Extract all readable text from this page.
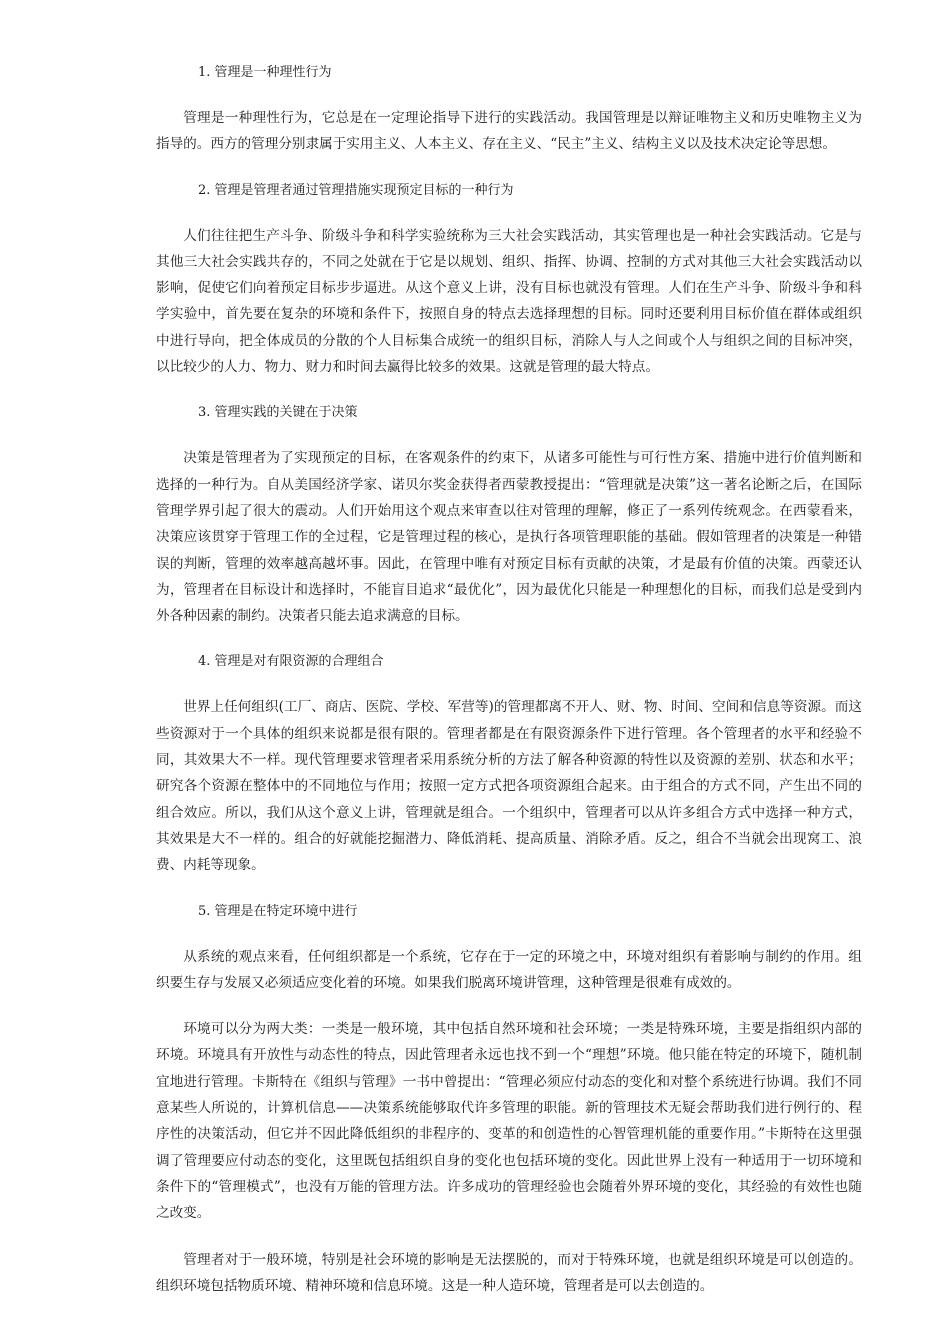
1. 管理是一种理性行为

管理是一种理性行为，它总是在一定理论指导下进行的实践活动。我国管理是以辩证唯物主义和历史唯物主义为指导的。西方的管理分别隶属于实用主义、人本主义、存在主义、“民主”主义、结构主义以及技术决定论等思想。

2. 管理是管理者通过管理措施实现预定目标的一种行为

人们往往把生产斗争、阶级斗争和科学实验统称为三大社会实践活动，其实管理也是一种社会实践活动。它是与其他三大社会实践共存的，不同之处就在于它是以规划、组织、指挥、协调、控制的方式对其他三大社会实践活动以影响，促使它们向着预定目标步步逼进。从这个意义上讲，没有目标也就没有管理。人们在生产斗争、阶级斗争和科学实验中，首先要在复杂的环境和条件下，按照自身的特点去选择理想的目标。同时还要利用目标价值在群体或组织中进行导向，把全体成员的分散的个人目标集合成统一的组织目标，消除人与人之间或个人与组织之间的目标冲突，以比较少的人力、物力、财力和时间去赢得比较多的效果。这就是管理的最大特点。

3. 管理实践的关键在于决策

决策是管理者为了实现预定的目标，在客观条件的约束下，从诸多可能性与可行性方案、措施中进行价值判断和选择的一种行为。自从美国经济学家、诺贝尔奖金获得者西蒙教授提出：“管理就是决策”这一著名论断之后，在国际管理学界引起了很大的震动。人们开始用这个观点来审查以往对管理的理解，修正了一系列传统观念。在西蒙看来，决策应该贯穿于管理工作的全过程，它是管理过程的核心，是执行各项管理职能的基础。假如管理者的决策是一种错误的判断，管理的效率越高越坏事。因此，在管理中唯有对预定目标有贡献的决策，才是最有价值的决策。西蒙还认为，管理者在目标设计和选择时，不能盲目追求“最优化”，因为最优化只能是一种理想化的目标，而我们总是受到内外各种因素的制约。决策者只能去追求满意的目标。

4. 管理是对有限资源的合理组合

世界上任何组织(工厂、商店、医院、学校、军营等)的管理都离不开人、财、物、时间、空间和信息等资源。而这些资源对于一个具体的组织来说都是很有限的。管理者都是在有限资源条件下进行管理。各个管理者的水平和经验不同，其效果大不一样。现代管理要求管理者采用系统分析的方法了解各种资源的特性以及资源的差别、状态和水平；研究各个资源在整体中的不同地位与作用；按照一定方式把各项资源组合起来。由于组合的方式不同，产生出不同的组合效应。所以，我们从这个意义上讲，管理就是组合。一个组织中，管理者可以从许多组合方式中选择一种方式，其效果是大不一样的。组合的好就能挖掘潜力、降低消耗、提高质量、消除矛盾。反之，组合不当就会出现窝工、浪费、内耗等现象。

5. 管理是在特定环境中进行

从系统的观点来看，任何组织都是一个系统，它存在于一定的环境之中，环境对组织有着影响与制约的作用。组织要生存与发展又必须适应变化着的环境。如果我们脱离环境讲管理，这种管理是很难有成效的。

环境可以分为两大类：一类是一般环境，其中包括自然环境和社会环境；一类是特殊环境，主要是指组织内部的环境。环境具有开放性与动态性的特点，因此管理者永远也找不到一个“理想”环境。他只能在特定的环境下，随机制宜地进行管理。卡斯特在《组织与管理》一书中曾提出：“管理必须应付动态的变化和对整个系统进行协调。我们不同意某些人所说的，计算机信息——决策系统能够取代许多管理的职能。新的管理技术无疑会帮助我们进行例行的、程序性的决策活动，但它并不因此降低组织的非程序的、变革的和创造性的心智管理机能的重要作用。”卡斯特在这里强调了管理要应付动态的变化，这里既包括组织自身的变化也包括环境的变化。因此世界上没有一种适用于一切环境和条件下的“管理模式”，也没有万能的管理方法。许多成功的管理经验也会随着外界环境的变化，其经验的有效性也随之改变。

管理者对于一般环境，特别是社会环境的影响是无法摆脱的，而对于特殊环境，也就是组织环境是可以创造的。组织环境包括物质环境、精神环境和信息环境。这是一种人造环境，管理者是可以去创造的。
